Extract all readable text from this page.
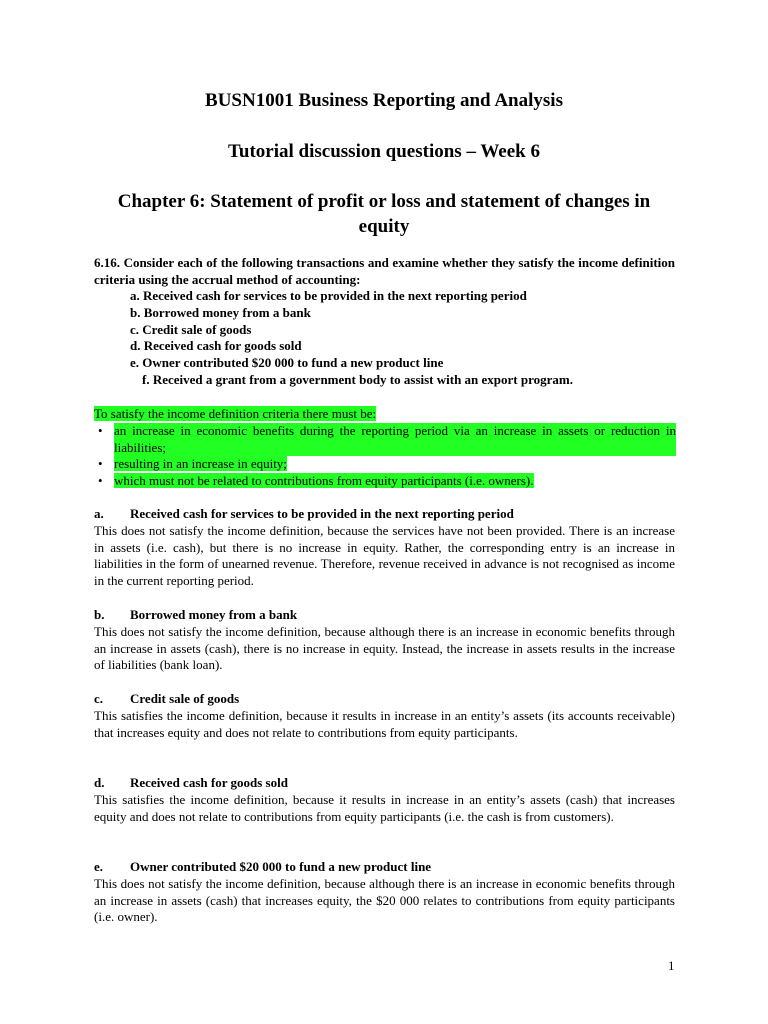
BUSN1001 Business Reporting and Analysis
Tutorial discussion questions – Week 6
Chapter 6: Statement of profit or loss and statement of changes in equity
6.16. Consider each of the following transactions and examine whether they satisfy the income definition criteria using the accrual method of accounting:
a. Received cash for services to be provided in the next reporting period
b. Borrowed money from a bank
c. Credit sale of goods
d. Received cash for goods sold
e. Owner contributed $20 000 to fund a new product line
f. Received a grant from a government body to assist with an export program.
To satisfy the income definition criteria there must be:
• an increase in economic benefits during the reporting period via an increase in assets or reduction in liabilities;
• resulting in an increase in equity;
• which must not be related to contributions from equity participants (i.e. owners).
a.	Received cash for services to be provided in the next reporting period
This does not satisfy the income definition, because the services have not been provided. There is an increase in assets (i.e. cash), but there is no increase in equity. Rather, the corresponding entry is an increase in liabilities in the form of unearned revenue. Therefore, revenue received in advance is not recognised as income in the current reporting period.
b.	Borrowed money from a bank
This does not satisfy the income definition, because although there is an increase in economic benefits through an increase in assets (cash), there is no increase in equity. Instead, the increase in assets results in the increase of liabilities (bank loan).
c.	Credit sale of goods
This satisfies the income definition, because it results in increase in an entity’s assets (its accounts receivable) that increases equity and does not relate to contributions from equity participants.
d.	Received cash for goods sold
This satisfies the income definition, because it results in increase in an entity’s assets (cash) that increases equity and does not relate to contributions from equity participants (i.e. the cash is from customers).
e.	Owner contributed $20 000 to fund a new product line
This does not satisfy the income definition, because although there is an increase in economic benefits through an increase in assets (cash) that increases equity, the $20 000 relates to contributions from equity participants (i.e. owner).
1
